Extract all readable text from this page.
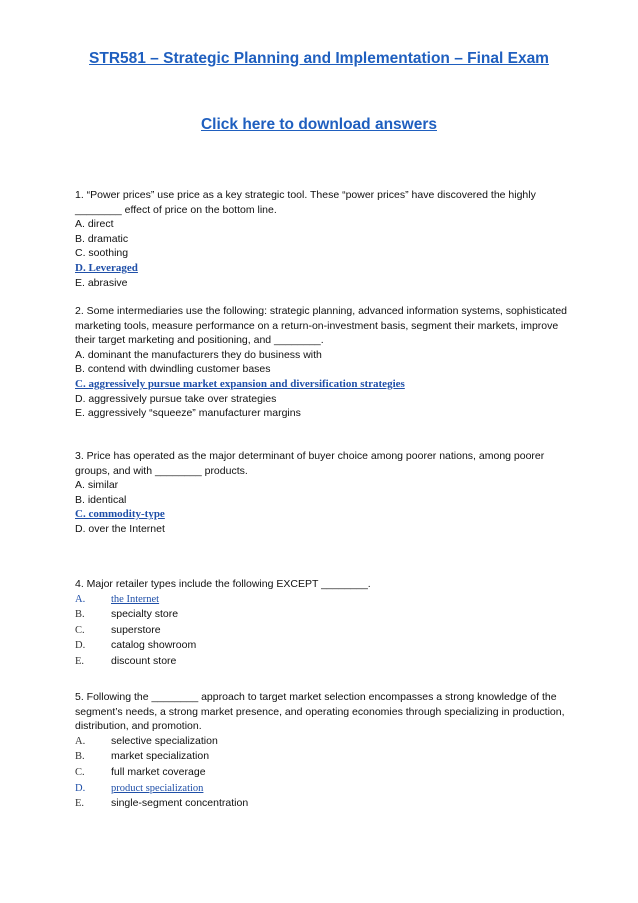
STR581 – Strategic Planning and Implementation – Final Exam
Click here to download answers

1. “Power prices” use price as a key strategic tool. These “power prices” have discovered the highly

________ effect of price on the bottom line.

A. direct

B. dramatic

C. soothing

D. Leveraged

E. abrasive

2. Some intermediaries use the following: strategic planning, advanced information systems, sophisticated

marketing tools, measure performance on a return-on-investment basis, segment their markets, improve

their target marketing and positioning, and ________.

A. dominant the manufacturers they do business with

B. contend with dwindling customer bases

C. aggressively pursue market expansion and diversification strategies

D. aggressively pursue take over strategies

E. aggressively “squeeze” manufacturer margins

3. Price has operated as the major determinant of buyer choice among poorer nations, among poorer

groups, and with ________ products.

A. similar

B. identical

C. commodity-type

D. over the Internet

4. Major retailer types include the following EXCEPT ________.

A. the Internet

B.	specialty store

C.	superstore

D. catalog showroom

E.	discount store

5. Following the ________ approach to target market selection encompasses a strong knowledge of the

segment’s needs, a strong market presence, and operating economies through specializing in production,

distribution, and promotion.

A. selective specialization

B.	market specialization

C.	full market coverage

D. product specialization

E.	single-segment concentration
